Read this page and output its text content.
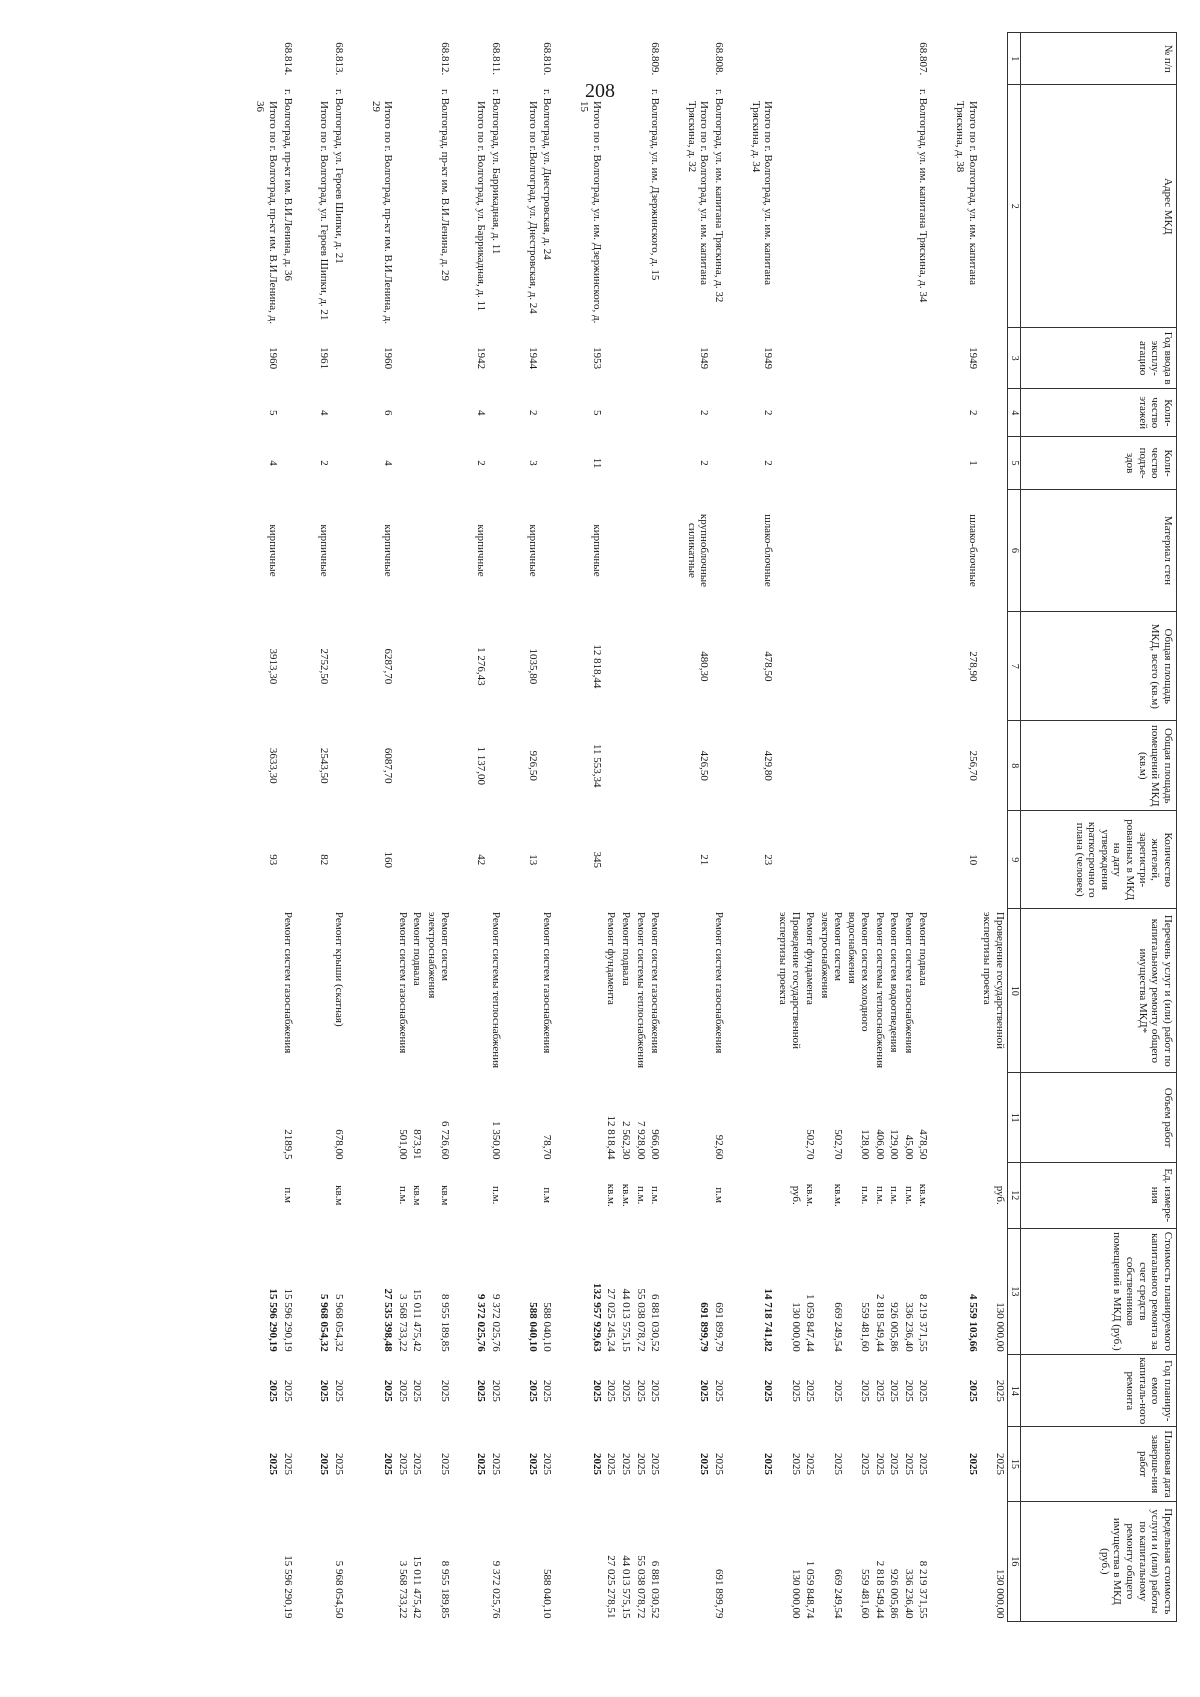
208
№ п/п	Адрес МКД	Год ввода в эксплу-атацию	Коли-чество этажей	Коли-чество подъе-здов	Материал стен	Общая площадь МКД, всего (кв.м)	Общая площадь помещений МКД (кв.м)	Количество жителей, зарегистри-рованных в МКД на дату утверждения краткосрочно го плана (человек)	Перечень услуг и (или) работ по капитальному ремонту общего имущества МКД*	Объем работ	Ед. измере-ния	Стоимость планируемого капитального ремонта за счет средств собственников помещений в МКД (руб.)	Год планиру-емого капиталь-ного ремонта	Плановая дата заверше-ния работ	Предельная стоимость услуги и (или) работы по капитальному ремонту общего имущества в МКД (руб.)
1	2	3	4	5	6	7	8	9	10	11	12	13	14	15	16
									Проведение государственной экспертизы проекта		руб.	130 000,00	2025	2025	130 000,00
	Итого по г. Волгоград, ул. им. капитана Тряскина, д. 38	1949	2	1	шлако-блочные	278,90	256,70	10				4 559 103,66	2025	2025	

68.807.	г. Волгоград, ул. им. капитана Тряскина, д. 34								Ремонт подвала	478,50	кв.м.	8 219 371,55	2025	2025	8 219 371,55
									Ремонт систем газоснабжения	45,00	п.м.	336 236,40	2025	2025	336 236,40
									Ремонт систем водоотведения	129,00	п.м.	926 005,86	2025	2025	926 005,86
									Ремонт системы теплоснабжения	406,00	п.м.	2 818 549,44	2025	2025	2 818 549,44
									Ремонт систем холодного водоснабжения	128,00	п.м.	559 481,60	2025	2025	559 481,60
									Ремонт систем электроснабжения	502,70	кв.м.	669 249,54	2025	2025	669 249,54
									Ремонт фундамента	502,70	кв.м.	1 059 847,44	2025	2025	1 059 848,74
									Проведение государственной экспертизы проекта		руб.	130 000,00	2025	2025	130 000,00
	Итого по г. Волгоград, ул. им. капитана Тряскина, д. 34	1949	2	2	шлако-блочные	478,50	429,80	23				14 718 741,82	2025	2025	

68.808.	г. Волгоград, ул. им. капитана Тряскина, д. 32								Ремонт систем газоснабжения	92,60	п.м	691 899,79	2025	2025	691 899,79
	Итого по г. Волгоград, ул. им. капитана Тряскина, д. 32	1949	2	2	крупноблочные силикатные	480,30	426,50	21				691 899,79	2025	2025	

68.809.	г. Волгоград, ул. им. Дзержинского, д. 15								Ремонт систем газоснабжения	966,00	п.м.	6 881 030,52	2025	2025	6 881 030,52
									Ремонт системы теплоснабжения	7 928,00	п.м.	55 038 078,72	2025	2025	55 038 078,72
									Ремонт подвала	2 562,30	кв.м.	44 013 575,15	2025	2025	44 013 575,15
									Ремонт фундамента	12 818,44	кв.м.	27 025 245,24	2025	2025	27 025 278,51
	Итого по г. Волгоград, ул. им. Дзержинского, д. 15	1953	5	11	кирпичные	12 818,44	11 553,34	345				132 957 929,63	2025	2025	

68.810.	г. Волгоград, ул. Днестровская, д. 24								Ремонт систем газоснабжения	78,70	п.м	588 040,10	2025	2025	588 040,10
	Итого по г.Волгоград, ул. Днестровская, д. 24	1944	2	3	кирпичные	1035,80	926,50	13				588 040,10	2025	2025	

68.811.	г. Волгоград, ул. Баррикадная, д. 11								Ремонт системы теплоснабжения	1 350,00	п.м.	9 372 025,76	2025	2025	9 372 025,76
	Итого по г. Волгоград, ул. Баррикадная, д. 11	1942	4	2	кирпичные	1 276,43	1 137,00	42				9 372 025,76	2025	2025	

68.812.	г. Волгоград, пр-кт им. В.И.Ленина, д. 29								Ремонт систем электроснабжения	6 726,60	кв.м	8 955 189,85	2025	2025	8 955 189,85
									Ремонт подвала	873,91	кв.м	15 011 475,42	2025	2025	15 011 475,42
									Ремонт систем газоснабжения	501,00	п.м.	3 568 733,22	2025	2025	3 568 733,22
	Итого по г. Волгоград, пр-кт им. В.И.Ленина, д. 29	1960	6	4	кирпичные	6287,70	6087,70	160				27 535 398,48	2025	2025	

68.813.	г. Волгоград, ул. Героев Шипки, д. 21								Ремонт крыши (скатная)	678,00	кв.м	5 968 054,32	2025	2025	5 968 054,50
	Итого по г. Волгоград, ул. Героев Шипки, д. 21	1961	4	2	кирпичные	2752,50	2543,50	82				5 968 054,32	2025	2025	

68.814.	г. Волгоград, пр-кт им. В.И.Ленина, д. 36								Ремонт систем газоснабжения	2189,5	п.м	15 596 290,19	2025	2025	15 596 290,19
	Итого по г. Волгоград, пр-кт им. В.И.Ленина, д. 36	1960	5	4	кирпичные	3913,30	3633,30	93				15 596 290,19	2025	2025	
